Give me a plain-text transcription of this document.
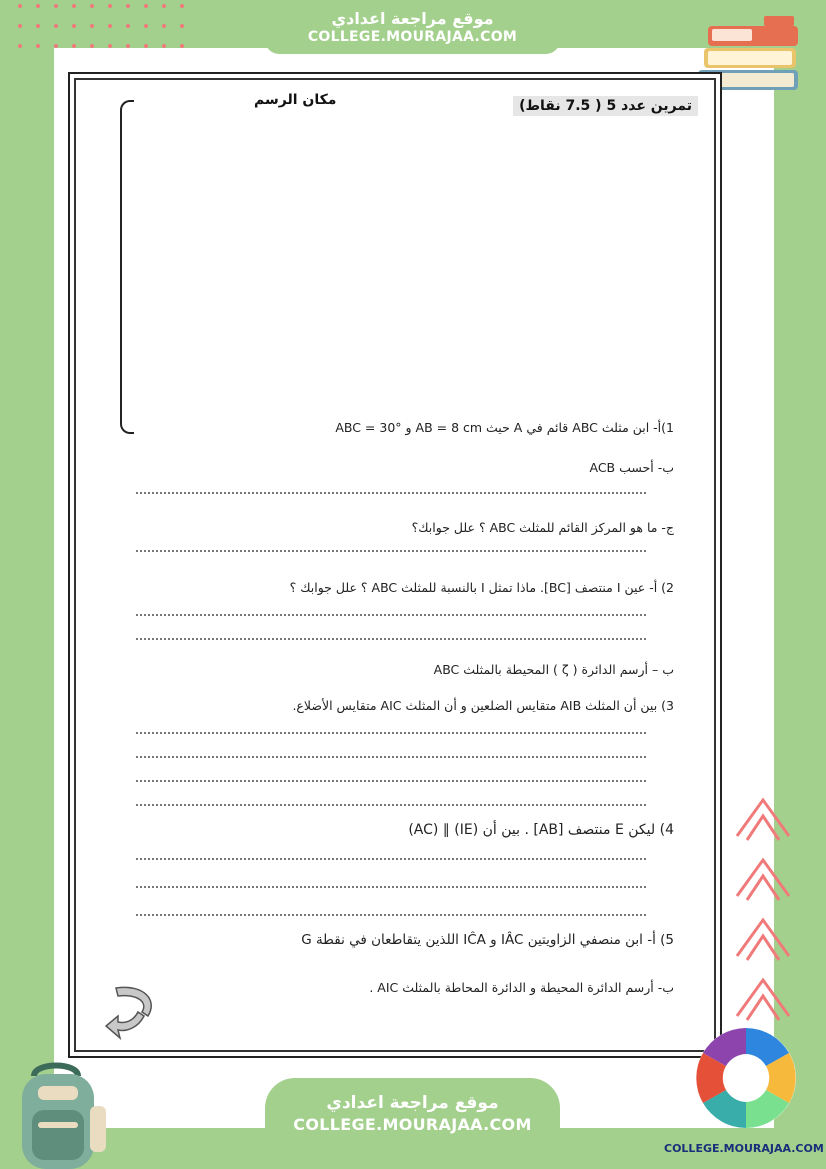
موقع مراجعة اعدادي
COLLEGE.MOURAJAA.COM
مكان الرسم	تمرين عدد 5 ( 7.5 نقاط)
1)أ- ابن مثلث ABC قائم في A حيث AB = 8 cm و ABC = 30°
ب- أحسب ACB
ج- ما هو المركز القائم للمثلث ABC ؟ علل جوابك؟
2) أ- عين I منتصف [BC]. ماذا تمثل I بالنسبة للمثلث ABC ؟ علل جوابك ؟
ب – أرسم الدائرة ( ζ ) المحيطة بالمثلث ABC
3) بين أن المثلث AIB متقايس الضلعين و أن المثلث AIC متقايس الأضلاع.
4) ليكن E منتصف [AB] . بين أن (IE) ∥ (AC)
5) أ- ابن منصفي الزاويتين IÂC و IĈA اللذين يتقاطعان في نقطة G
ب- أرسم الدائرة المحيطة و الدائرة المحاطة بالمثلث AIC .
موقع مراجعة اعدادي
COLLEGE.MOURAJAA.COM
COLLEGE.MOURAJAA.COM
